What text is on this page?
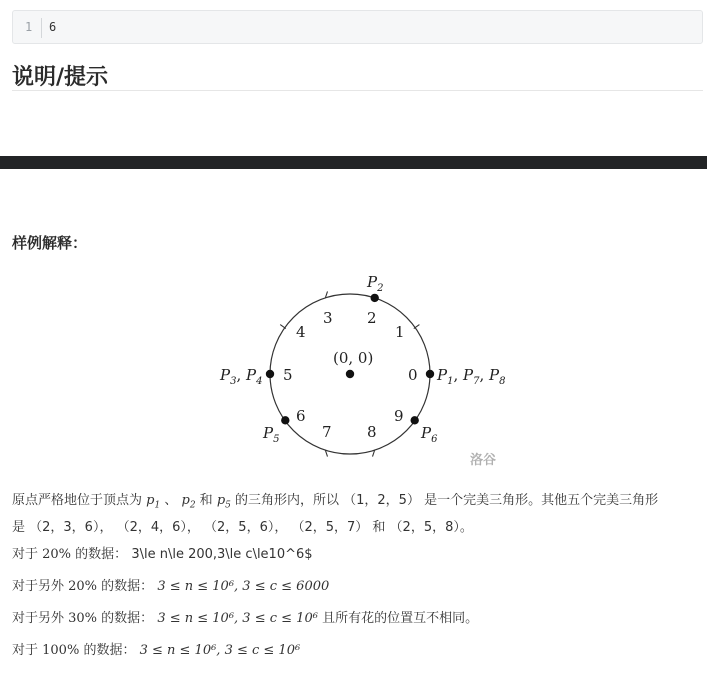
1 6
说明/提示
样例解释：
0
1
2
3
4
5
6
7 8
9
(0, 0)
$P_2$
$P_1$, $P_7$, $P_8$
$P_3$, $P_4$
$P_5$	$P_6$
洛谷

原点严格地位于顶点为 $p_1$ 、 $p_2$ 和 $p_5$ 的三角形内，所以 （1，2，5） 是一个完美三角形。其他五个完美三角形
是 （2，3，6）， （2，4，6）， （2，5，6）， （2，5，7） 和 （2，5，8）。

对于 20% 的数据： 3\le n\le 200,3\le c\le10^6$

对于另外 20% 的数据： 3 ≤ n ≤ 10⁶, 3 ≤ c ≤ 6000

对于另外 30% 的数据： 3 ≤ n ≤ 10⁶, 3 ≤ c ≤ 10⁶ 且所有花的位置互不相同。

对于 100% 的数据： 3 ≤ n ≤ 10⁶, 3 ≤ c ≤ 10⁶
